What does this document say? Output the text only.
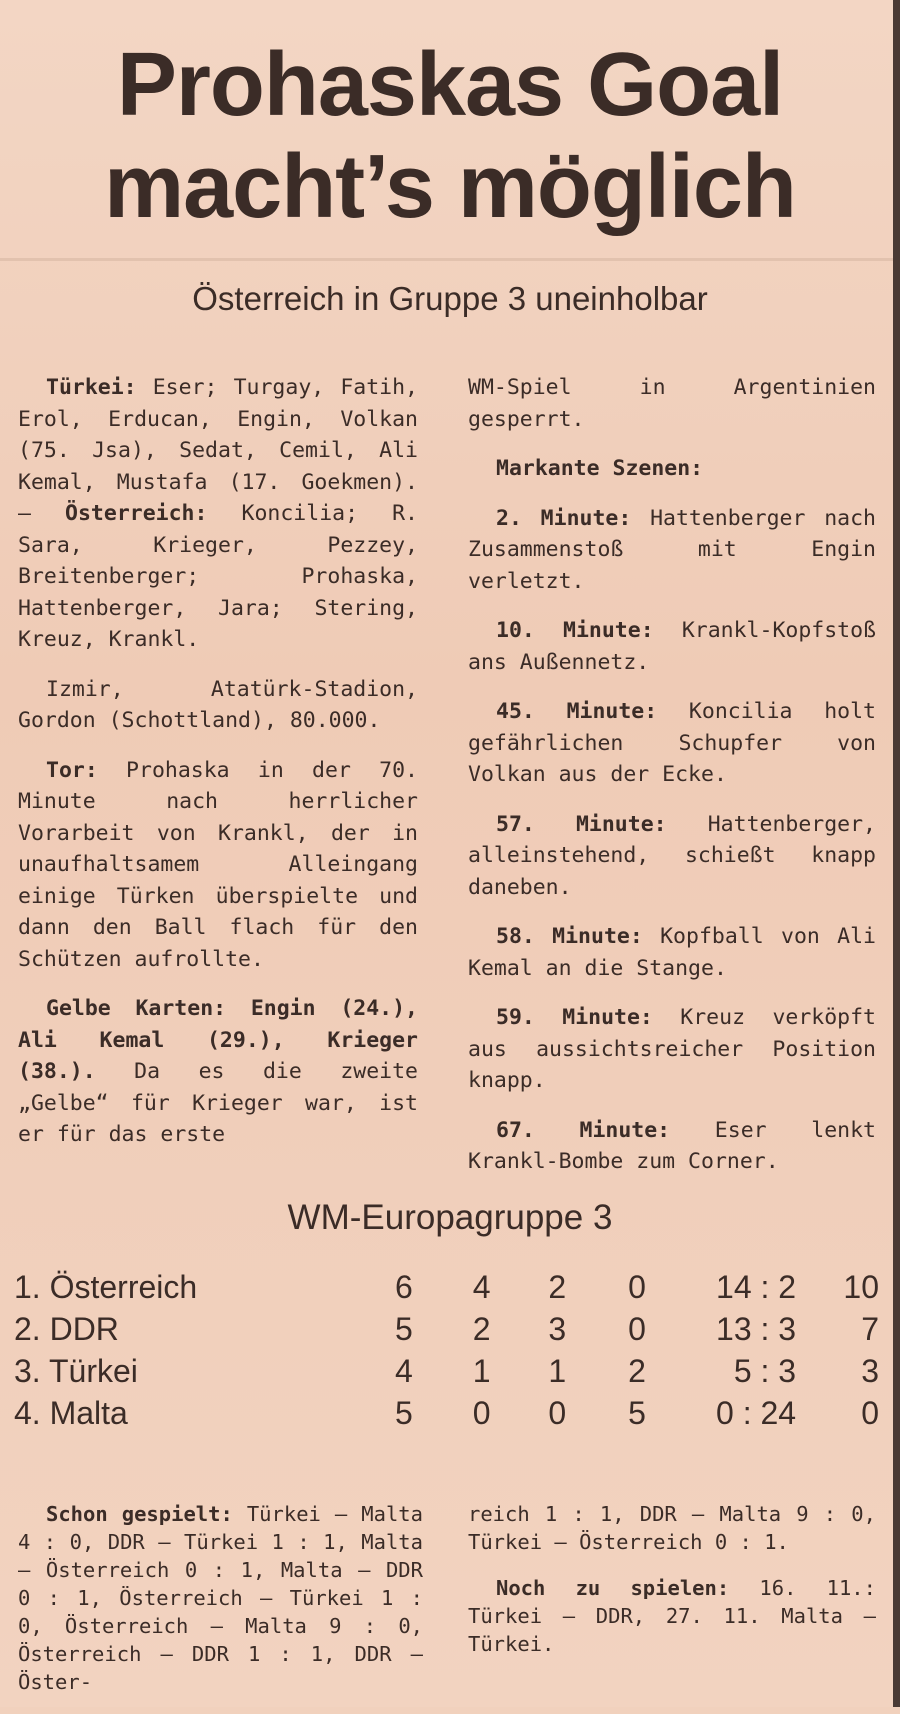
Prohaskas Goal
macht’s möglich
Österreich in Gruppe 3 uneinholbar

Türkei: Eser; Turgay, Fatih, Erol, Erducan, Engin, Volkan (75. Jsa), Sedat, Cemil, Ali Kemal, Mustafa (17. Goekmen). – Österreich: Koncilia; R. Sara, Krieger, Pezzey, Breitenberger; Prohaska, Hattenberger, Jara; Stering, Kreuz, Krankl.

Izmir, Atatürk-Stadion, Gordon (Schottland), 80.000.

Tor: Prohaska in der 70. Minute nach herrlicher Vorarbeit von Krankl, der in unaufhaltsamem Alleingang einige Türken überspielte und dann den Ball flach für den Schützen aufrollte.

Gelbe Karten: Engin (24.), Ali Kemal (29.), Krieger (38.). Da es die zweite „Gelbe“ für Krieger war, ist er für das erste

WM-Spiel in Argentinien gesperrt.

Markante Szenen:

2. Minute: Hattenberger nach Zusammenstoß mit Engin verletzt.

10. Minute: Krankl-Kopfstoß ans Außennetz.

45. Minute: Koncilia holt gefährlichen Schupfer von Volkan aus der Ecke.

57. Minute: Hattenberger, alleinstehend, schießt knapp daneben.

58. Minute: Kopfball von Ali Kemal an die Stange.

59. Minute: Kreuz verköpft aus aussichtsreicher Position knapp.

67. Minute: Eser lenkt Krankl-Bombe zum Corner.

WM-Europagruppe 3
1. Österreich	6	4	2	0	14 : 2	10
2. DDR	5	2	3	0	13 : 3	7
3. Türkei	4	1	1	2	5 : 3	3
4. Malta	5	0	0	5	0 : 24	0

Schon gespielt: Türkei – Malta 4 : 0, DDR – Türkei 1 : 1, Malta – Österreich 0 : 1, Malta – DDR 0 : 1, Österreich – Türkei 1 : 0, Österreich – Malta 9 : 0, Österreich – DDR 1 : 1, DDR – Öster-

reich 1 : 1, DDR – Malta 9 : 0, Türkei – Österreich 0 : 1.

Noch zu spielen: 16. 11.: Türkei – DDR, 27. 11. Malta – Türkei.
